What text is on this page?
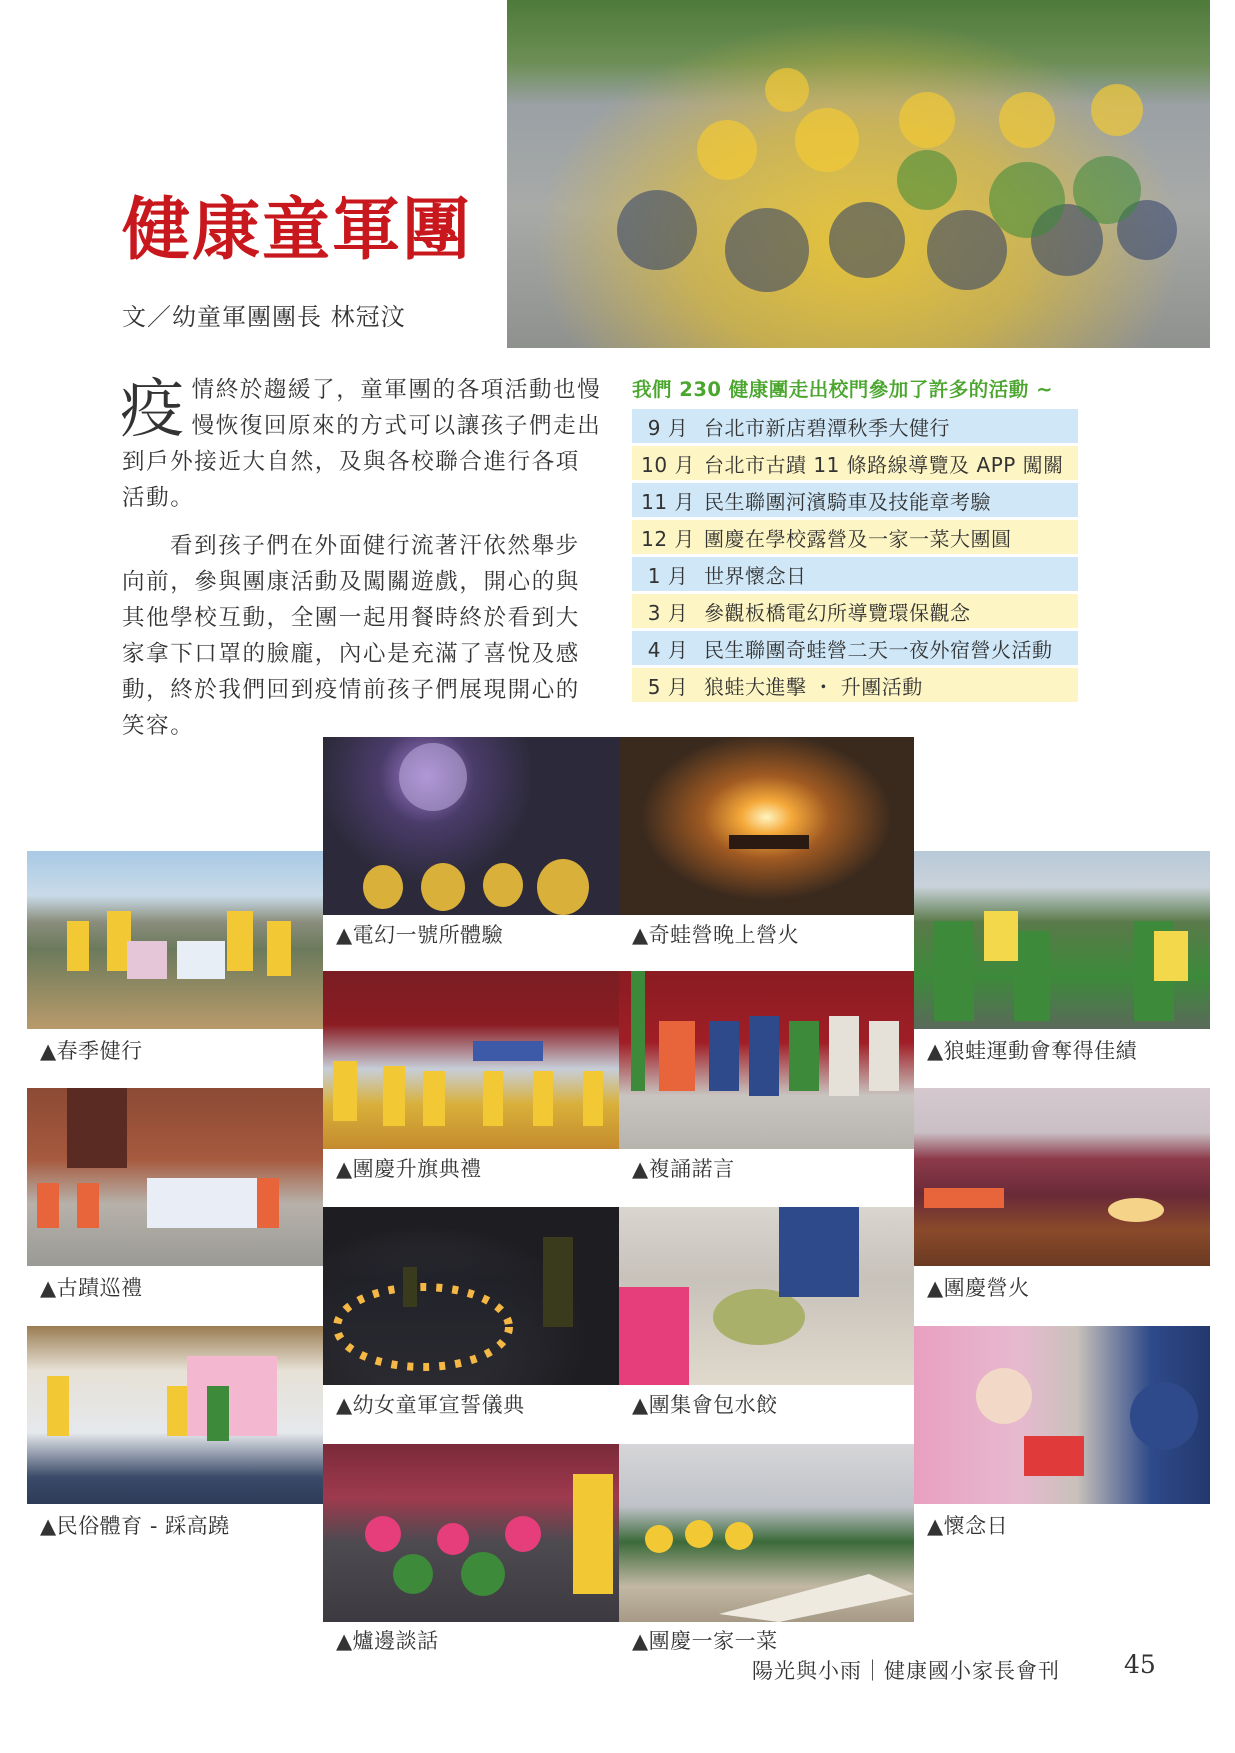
健康童軍團
文／幼童軍團團長 林冠汶
疫情終於趨緩了，童軍團的各項活動也慢慢恢復回原來的方式可以讓孩子們走出到戶外接近大自然，及與各校聯合進行各項活動。
看到孩子們在外面健行流著汗依然舉步向前，參與團康活動及闖關遊戲，開心的與其他學校互動，全團一起用餐時終於看到大家拿下口罩的臉龐，內心是充滿了喜悅及感動，終於我們回到疫情前孩子們展現開心的笑容。
我們 230 健康團走出校門參加了許多的活動 ~
9 月 台北市新店碧潭秋季大健行
10 月 台北市古蹟 11 條路線導覽及 APP 闖關
11 月 民生聯團河濱騎車及技能章考驗
12 月 團慶在學校露營及一家一菜大團圓
1 月 世界懷念日
3 月 參觀板橋電幻所導覽環保觀念
4 月 民生聯團奇蛙營二天一夜外宿營火活動
5 月 狼蛙大進擊 ・ 升團活動
▲春季健行
▲古蹟巡禮
▲民俗體育 - 踩高蹺
▲電幻一號所體驗
▲團慶升旗典禮
▲幼女童軍宣誓儀典
▲爐邊談話
▲奇蛙營晚上營火
▲複誦諾言
▲團集會包水餃
▲團慶一家一菜
▲狼蛙運動會奪得佳績
▲團慶營火
▲懷念日
陽光與小雨｜健康國小家長會刊	45
